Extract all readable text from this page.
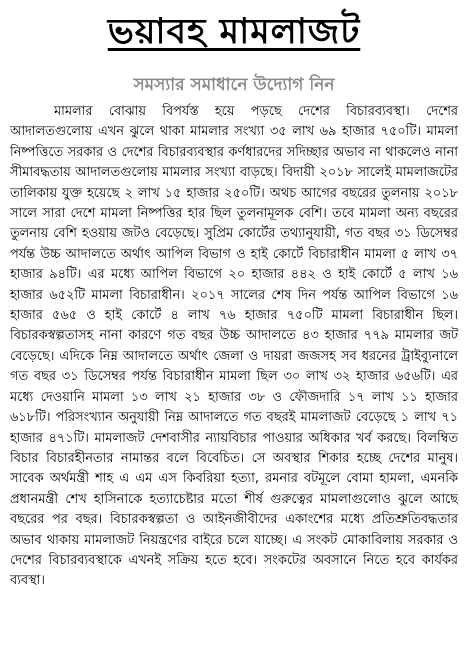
ভয়াবহ মামলাজট
সমস্যার সমাধানে উদ্যোগ নিন

মামলার বোঝায় বিপর্যস্ত হয়ে পড়ছে দেশের বিচারব্যবস্থা। দেশের আদালতগুলোয় এখন ঝুলে থাকা মামলার সংখ্যা ৩৫ লাখ ৬৯ হাজার ৭৫০টি। মামলা নিষ্পত্তিতে সরকার ও দেশের বিচারব্যবস্থার কর্ণধারদের সদিচ্ছার অভাব না থাকলেও নানা সীমাবদ্ধতায় আদালতগুলোয় মামলার সংখ্যা বাড়ছে। বিদায়ী ২০১৮ সালেই মামলাজটের তালিকায় যুক্ত হয়েছে ২ লাখ ১৫ হাজার ২৫০টি। অথচ আগের বছরের তুলনায় ২০১৮ সালে সারা দেশে মামলা নিষ্পত্তির হার ছিল তুলনামূলক বেশি। তবে মামলা অন্য বছরের তুলনায় বেশি হওয়ায় জটও বেড়েছে। সুপ্রিম কোর্টের তথ্যানুযায়ী, গত বছর ৩১ ডিসেম্বর পর্যন্ত উচ্চ আদালতে অর্থাৎ আপিল বিভাগ ও হাই কোর্টে বিচারাধীন মামলা ৫ লাখ ৩৭ হাজার ৯৪টি। এর মধ্যে আপিল বিভাগে ২০ হাজার ৪৪২ ও হাই কোর্টে ৫ লাখ ১৬ হাজার ৬৫২টি মামলা বিচারাধীন। ২০১৭ সালের শেষ দিন পর্যন্ত আপিল বিভাগে ১৬ হাজার ৫৬৫ ও হাই কোর্টে ৪ লাখ ৭৬ হাজার ৭৫০টি মামলা বিচারাধীন ছিল। বিচারকস্বল্পতাসহ নানা কারণে গত বছর উচ্চ আদালতে ৪৩ হাজার ৭৭৯ মামলার জট বেড়েছে। এদিকে নিম্ন আদালতে অর্থাৎ জেলা ও দায়রা জজসহ সব ধরনের ট্রাইব্যুনালে গত বছর ৩১ ডিসেম্বর পর্যন্ত বিচারাধীন মামলা ছিল ৩০ লাখ ৩২ হাজার ৬৫৬টি। এর মধ্যে দেওয়ানি মামলা ১৩ লাখ ২১ হাজার ৩৮ ও ফৌজদারি ১৭ লাখ ১১ হাজার ৬১৮টি। পরিসংখ্যান অনুযায়ী নিম্ন আদালতে গত বছরই মামলাজট বেড়েছে ১ লাখ ৭১ হাজার ৪৭১টি। মামলাজট দেশবাসীর ন্যায়বিচার পাওয়ার অধিকার খর্ব করছে। বিলম্বিত বিচার বিচারহীনতার নামান্তর বলে বিবেচিত। সে অবস্থার শিকার হচ্ছে দেশের মানুষ। সাবেক অর্থমন্ত্রী শাহ এ এম এস কিবরিয়া হত্যা, রমনার বটমূলে বোমা হামলা, এমনকি প্রধানমন্ত্রী শেখ হাসিনাকে হত্যাচেষ্টার মতো শীর্ষ গুরুত্বের মামলাগুলোও ঝুলে আছে বছরের পর বছর। বিচারকস্বল্পতা ও আইনজীবীদের একাংশের মধ্যে প্রতিশ্রুতিবদ্ধতার অভাব থাকায় মামলাজট নিয়ন্ত্রণের বাইরে চলে যাচ্ছে। এ সংকট মোকাবিলায় সরকার ও দেশের বিচারব্যবস্থাকে এখনই সক্রিয় হতে হবে। সংকটের অবসানে নিতে হবে কার্যকর ব্যবস্থা।
